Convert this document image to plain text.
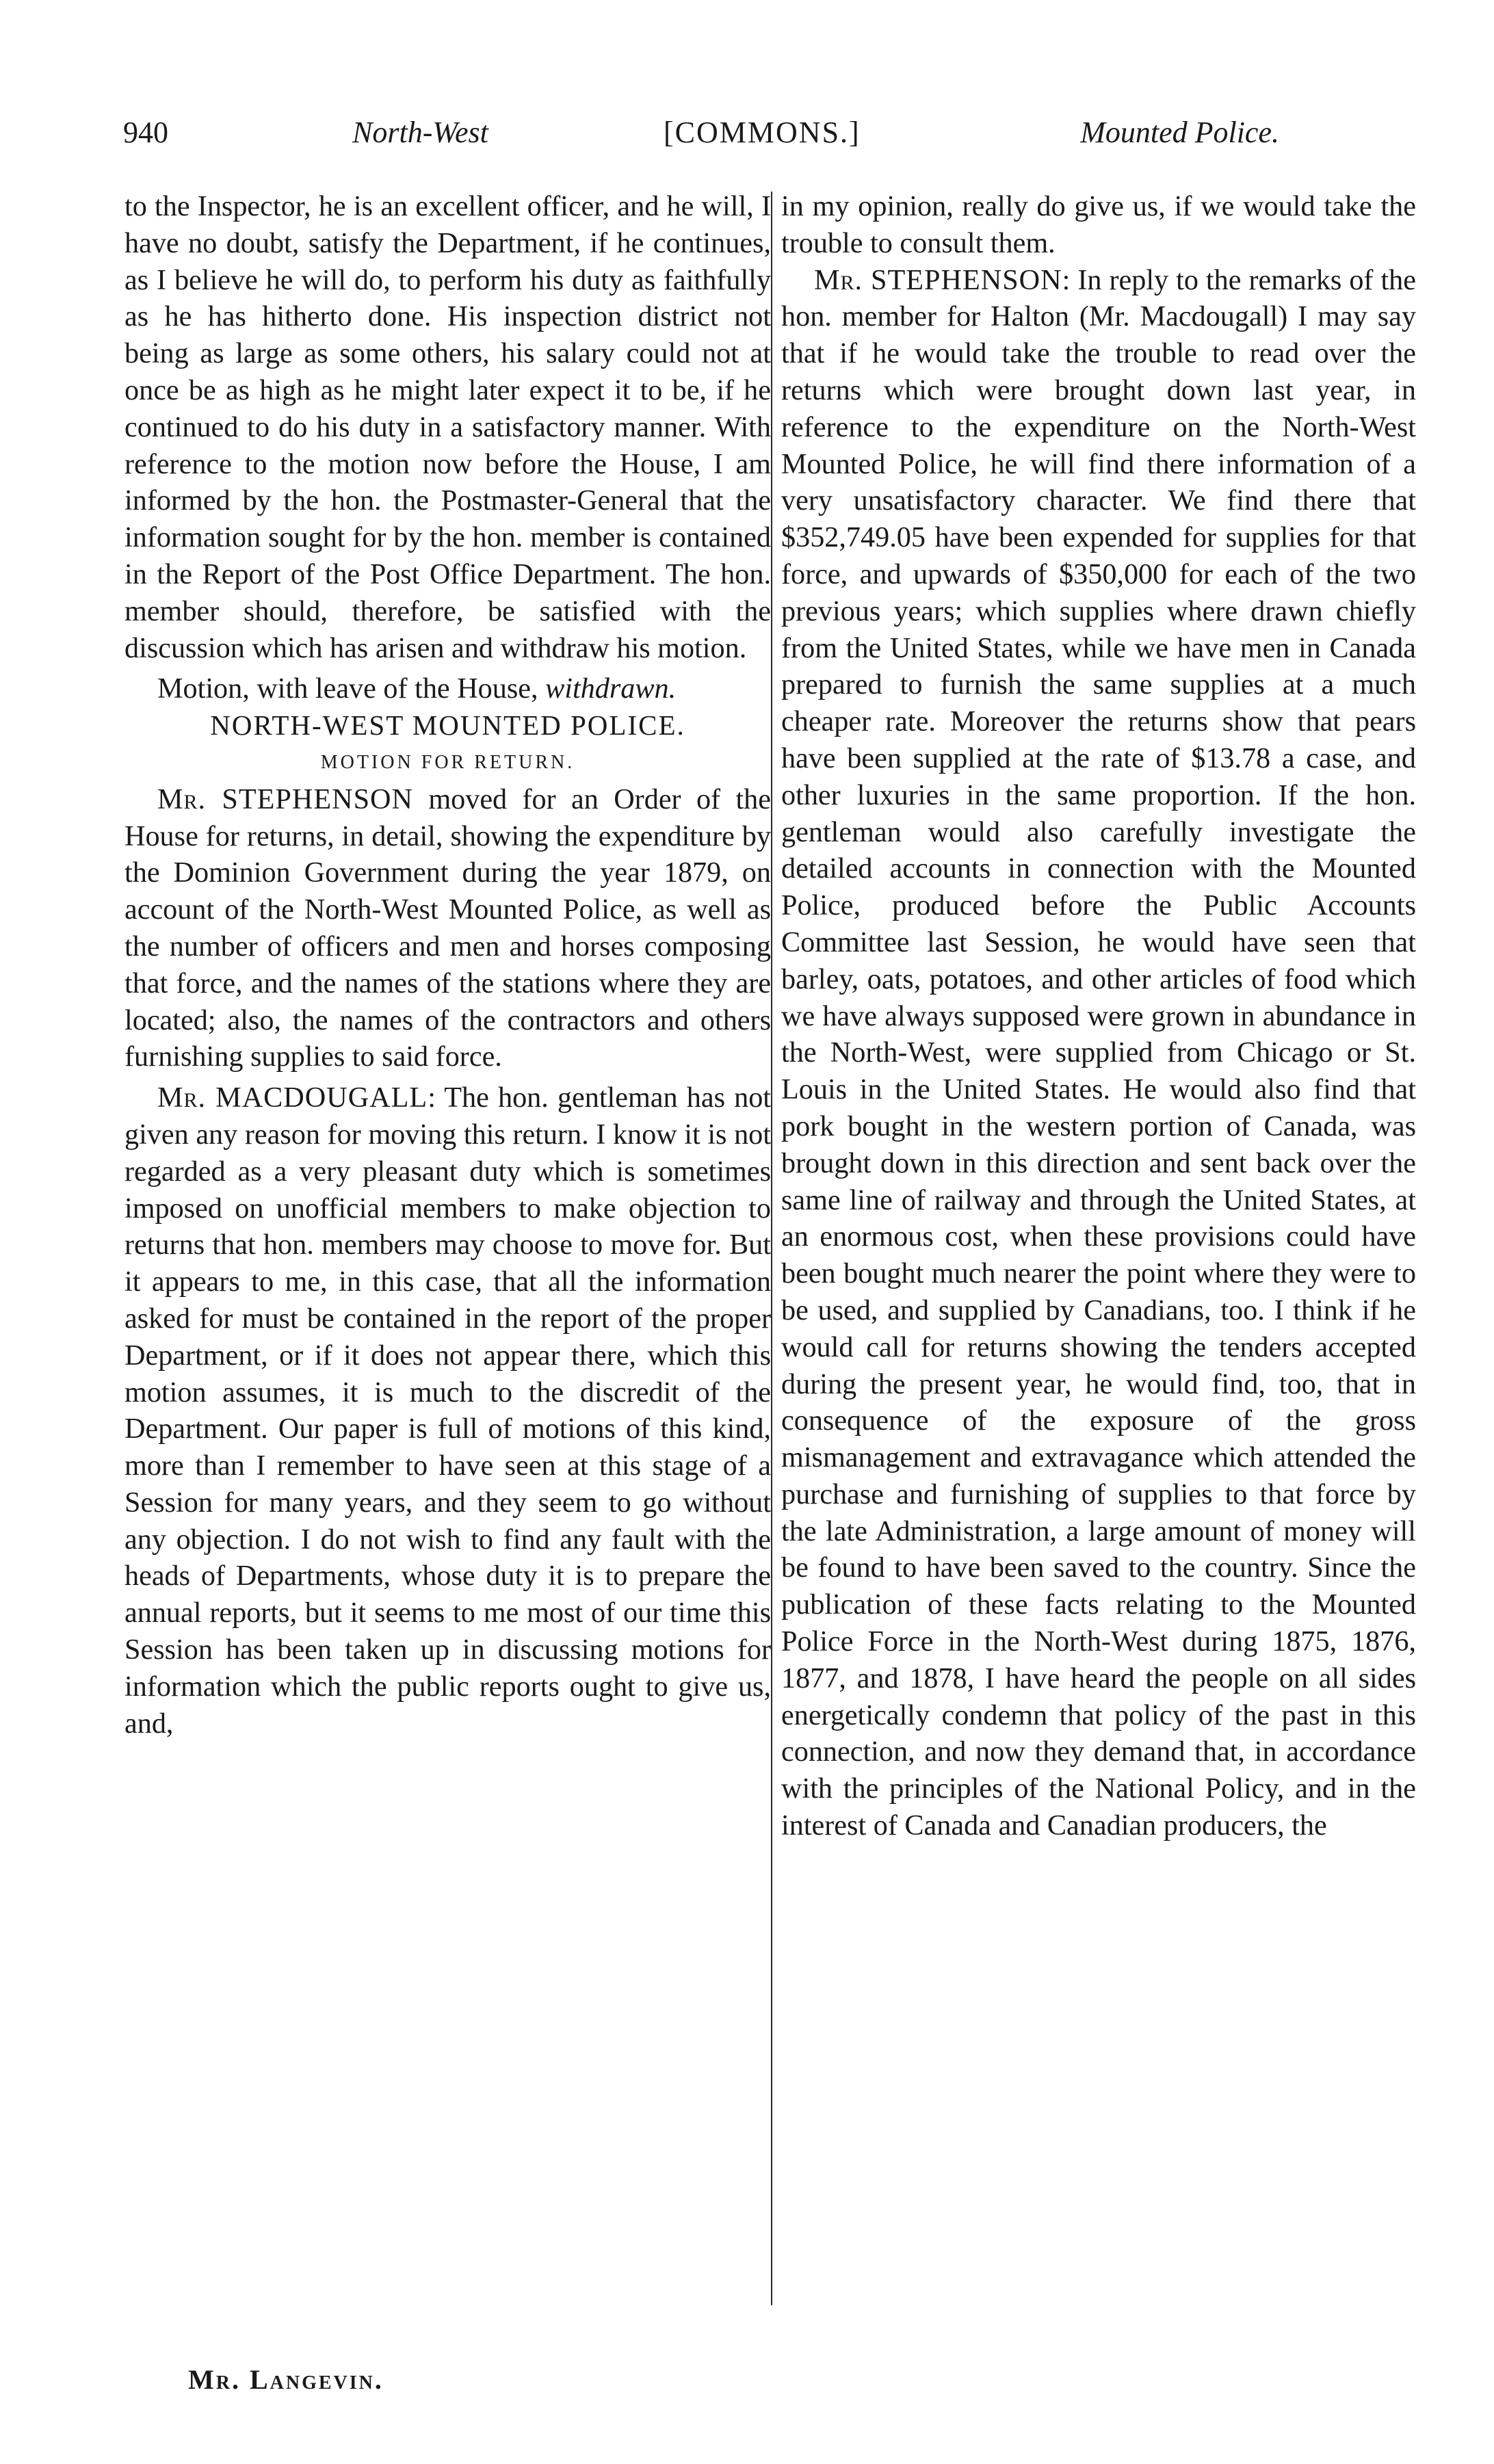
940	North-West	[COMMONS.]	Mounted Police.

to the Inspector, he is an excellent officer, and he will, I have no doubt, satisfy the Department, if he continues, as I believe he will do, to perform his duty as faithfully as he has hitherto done. His inspection district not being as large as some others, his salary could not at once be as high as he might later expect it to be, if he continued to do his duty in a satisfactory manner. With reference to the motion now before the House, I am informed by the hon. the Postmaster-General that the information sought for by the hon. member is contained in the Report of the Post Office Department. The hon. member should, therefore, be satisfied with the discussion which has arisen and withdraw his motion.

Motion, with leave of the House, withdrawn.

NORTH-WEST MOUNTED POLICE.

MOTION FOR RETURN.

Mr. STEPHENSON moved for an Order of the House for returns, in detail, showing the expenditure by the Dominion Government during the year 1879, on account of the North-West Mounted Police, as well as the number of officers and men and horses composing that force, and the names of the stations where they are located; also, the names of the contractors and others furnishing supplies to said force.

Mr. MACDOUGALL: The hon. gentleman has not given any reason for moving this return. I know it is not regarded as a very pleasant duty which is sometimes imposed on unofficial members to make objection to returns that hon. members may choose to move for. But it appears to me, in this case, that all the information asked for must be contained in the report of the proper Department, or if it does not appear there, which this motion assumes, it is much to the discredit of the Department. Our paper is full of motions of this kind, more than I remember to have seen at this stage of a Session for many years, and they seem to go without any objection. I do not wish to find any fault with the heads of Departments, whose duty it is to prepare the annual reports, but it seems to me most of our time this Session has been taken up in discussing motions for information which the public reports ought to give us, and,

in my opinion, really do give us, if we would take the trouble to consult them.

Mr. STEPHENSON: In reply to the remarks of the hon. member for Halton (Mr. Macdougall) I may say that if he would take the trouble to read over the returns which were brought down last year, in reference to the expenditure on the North-West Mounted Police, he will find there information of a very unsatisfactory character. We find there that $352,749.05 have been expended for supplies for that force, and upwards of $350,000 for each of the two previous years; which supplies where drawn chiefly from the United States, while we have men in Canada prepared to furnish the same supplies at a much cheaper rate. Moreover the returns show that pears have been supplied at the rate of $13.78 a case, and other luxuries in the same proportion. If the hon. gentleman would also carefully investigate the detailed accounts in connection with the Mounted Police, produced before the Public Accounts Committee last Session, he would have seen that barley, oats, potatoes, and other articles of food which we have always supposed were grown in abundance in the North-West, were supplied from Chicago or St. Louis in the United States. He would also find that pork bought in the western portion of Canada, was brought down in this direction and sent back over the same line of railway and through the United States, at an enormous cost, when these provisions could have been bought much nearer the point where they were to be used, and supplied by Canadians, too. I think if he would call for returns showing the tenders accepted during the present year, he would find, too, that in consequence of the exposure of the gross mismanagement and extravagance which attended the purchase and furnishing of supplies to that force by the late Administration, a large amount of money will be found to have been saved to the country. Since the publication of these facts relating to the Mounted Police Force in the North-West during 1875, 1876, 1877, and 1878, I have heard the people on all sides energetically condemn that policy of the past in this connection, and now they demand that, in accordance with the principles of the National Policy, and in the interest of Canada and Canadian producers, the

Mr. Langevin.
